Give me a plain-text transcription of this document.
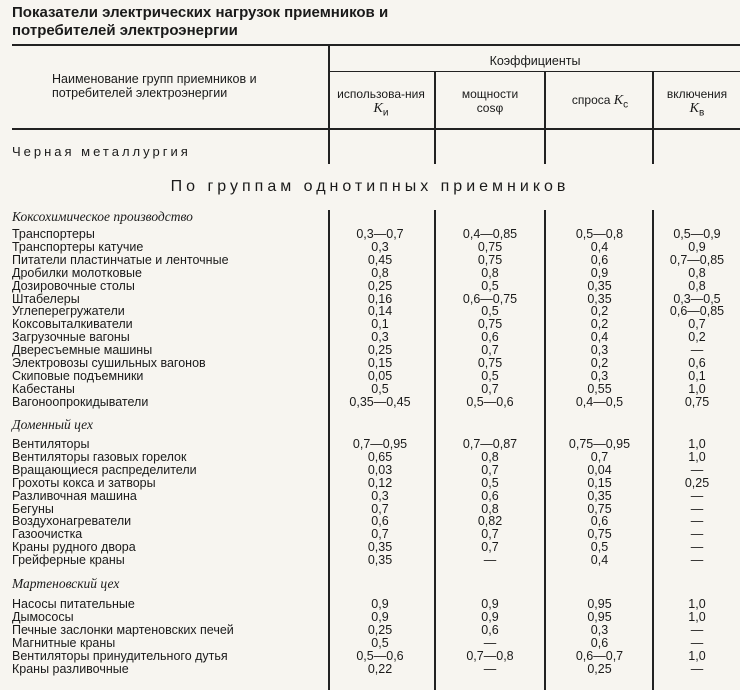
Показатели электрических нагрузок приемников и потребителей электроэнергии
Наименование групп приемников и потребителей электроэнергии
Коэффициенты
использова-ния $K_и$
мощности
cosφ
спроса $K_c$
включения
$K_в$
Черная металлургия
По группам однотипных приемников
Коксохимическое производство
Транспортеры	0,3—0,7	0,4—0,85	0,5—0,8	0,5—0,9
Транспортеры катучие	0,3	0,75	0,4	0,9
Питатели пластинчатые и ленточные	0,45	0,75	0,6	0,7—0,85
Дробилки молотковые	0,8	0,8	0,9	0,8
Дозировочные столы	0,25	0,5	0,35	0,8
Штабелеры	0,16	0,6—0,75	0,35	0,3—0,5
Углеперегружатели	0,14	0,5	0,2	0,6—0,85
Коксовыталкиватели	0,1	0,75	0,2	0,7
Загрузочные вагоны	0,3	0,6	0,4	0,2
Двересъемные машины	0,25	0,7	0,3	—
Электровозы сушильных вагонов	0,15	0,75	0,2	0,6
Скиповые подъемники	0,05	0,5	0,3	0,1
Кабестаны	0,5	0,7	0,55	1,0
Вагоноопрокидыватели	0,35—0,45	0,5—0,6	0,4—0,5	0,75
Доменный цех
Вентиляторы	0,7—0,95	0,7—0,87	0,75—0,95	1,0
Вентиляторы газовых горелок	0,65	0,8	0,7	1,0
Вращающиеся распределители	0,03	0,7	0,04	—
Грохоты кокса и затворы	0,12	0,5	0,15	0,25
Разливочная машина	0,3	0,6	0,35	—
Бегуны	0,7	0,8	0,75	—
Воздухонагреватели	0,6	0,82	0,6	—
Газоочистка	0,7	0,7	0,75	—
Краны рудного двора	0,35	0,7	0,5	—
Грейферные краны	0,35	—	0,4	—
Мартеновский цех
Насосы питательные	0,9	0,9	0,95	1,0
Дымососы	0,9	0,9	0,95	1,0
Печные заслонки мартеновских печей	0,25	0,6	0,3	—
Магнитные краны	0,5	—	0,6	—
Вентиляторы принудительного дутья	0,5—0,6	0,7—0,8	0,6—0,7	1,0
Краны разливочные	0,22	—	0,25	—
